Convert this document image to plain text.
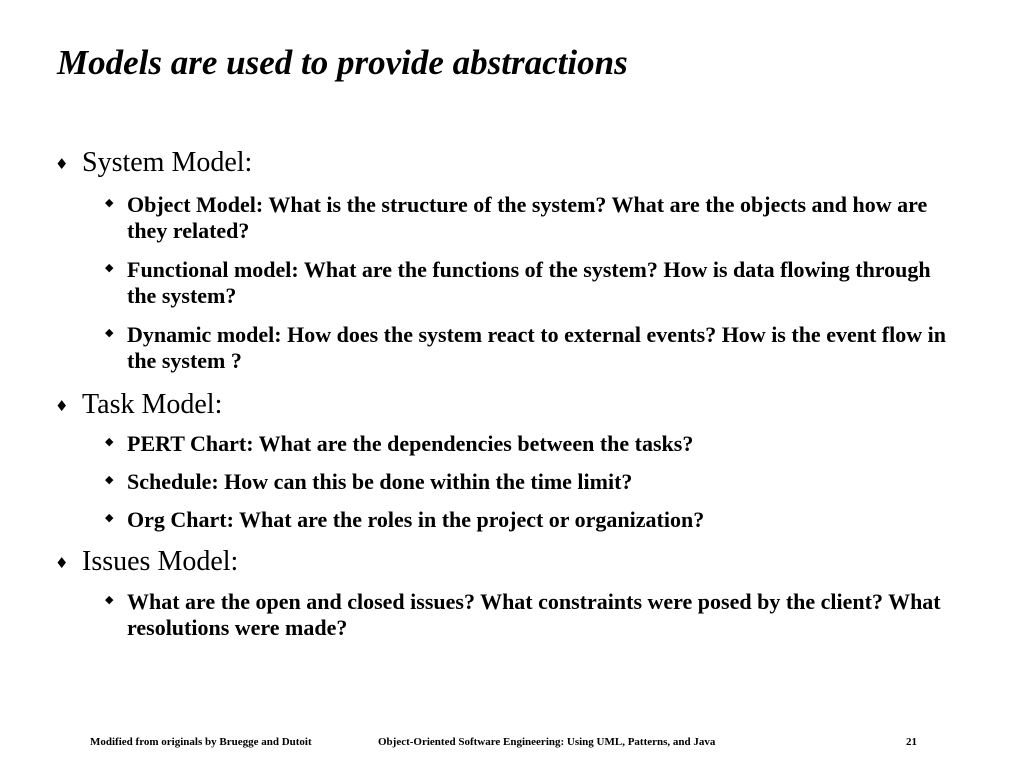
Models are used to provide abstractions
♦ System Model:
◆ Object Model: What is the structure of the system? What are the objects and how are they related?
◆ Functional model: What are the functions of the system? How is data flowing through the system?
◆ Dynamic model: How does the system react to external events? How is the event flow in the system ?
♦ Task Model:
◆ PERT Chart: What are the dependencies between the tasks?
◆ Schedule: How can this be done within the time limit?
◆ Org Chart: What are the roles in the project or organization?
♦ Issues Model:
◆ What are the open and closed issues? What constraints were posed by the client? What resolutions were made?
Modified from originals by Bruegge and Dutoit	Object-Oriented Software Engineering: Using UML, Patterns, and Java	21
